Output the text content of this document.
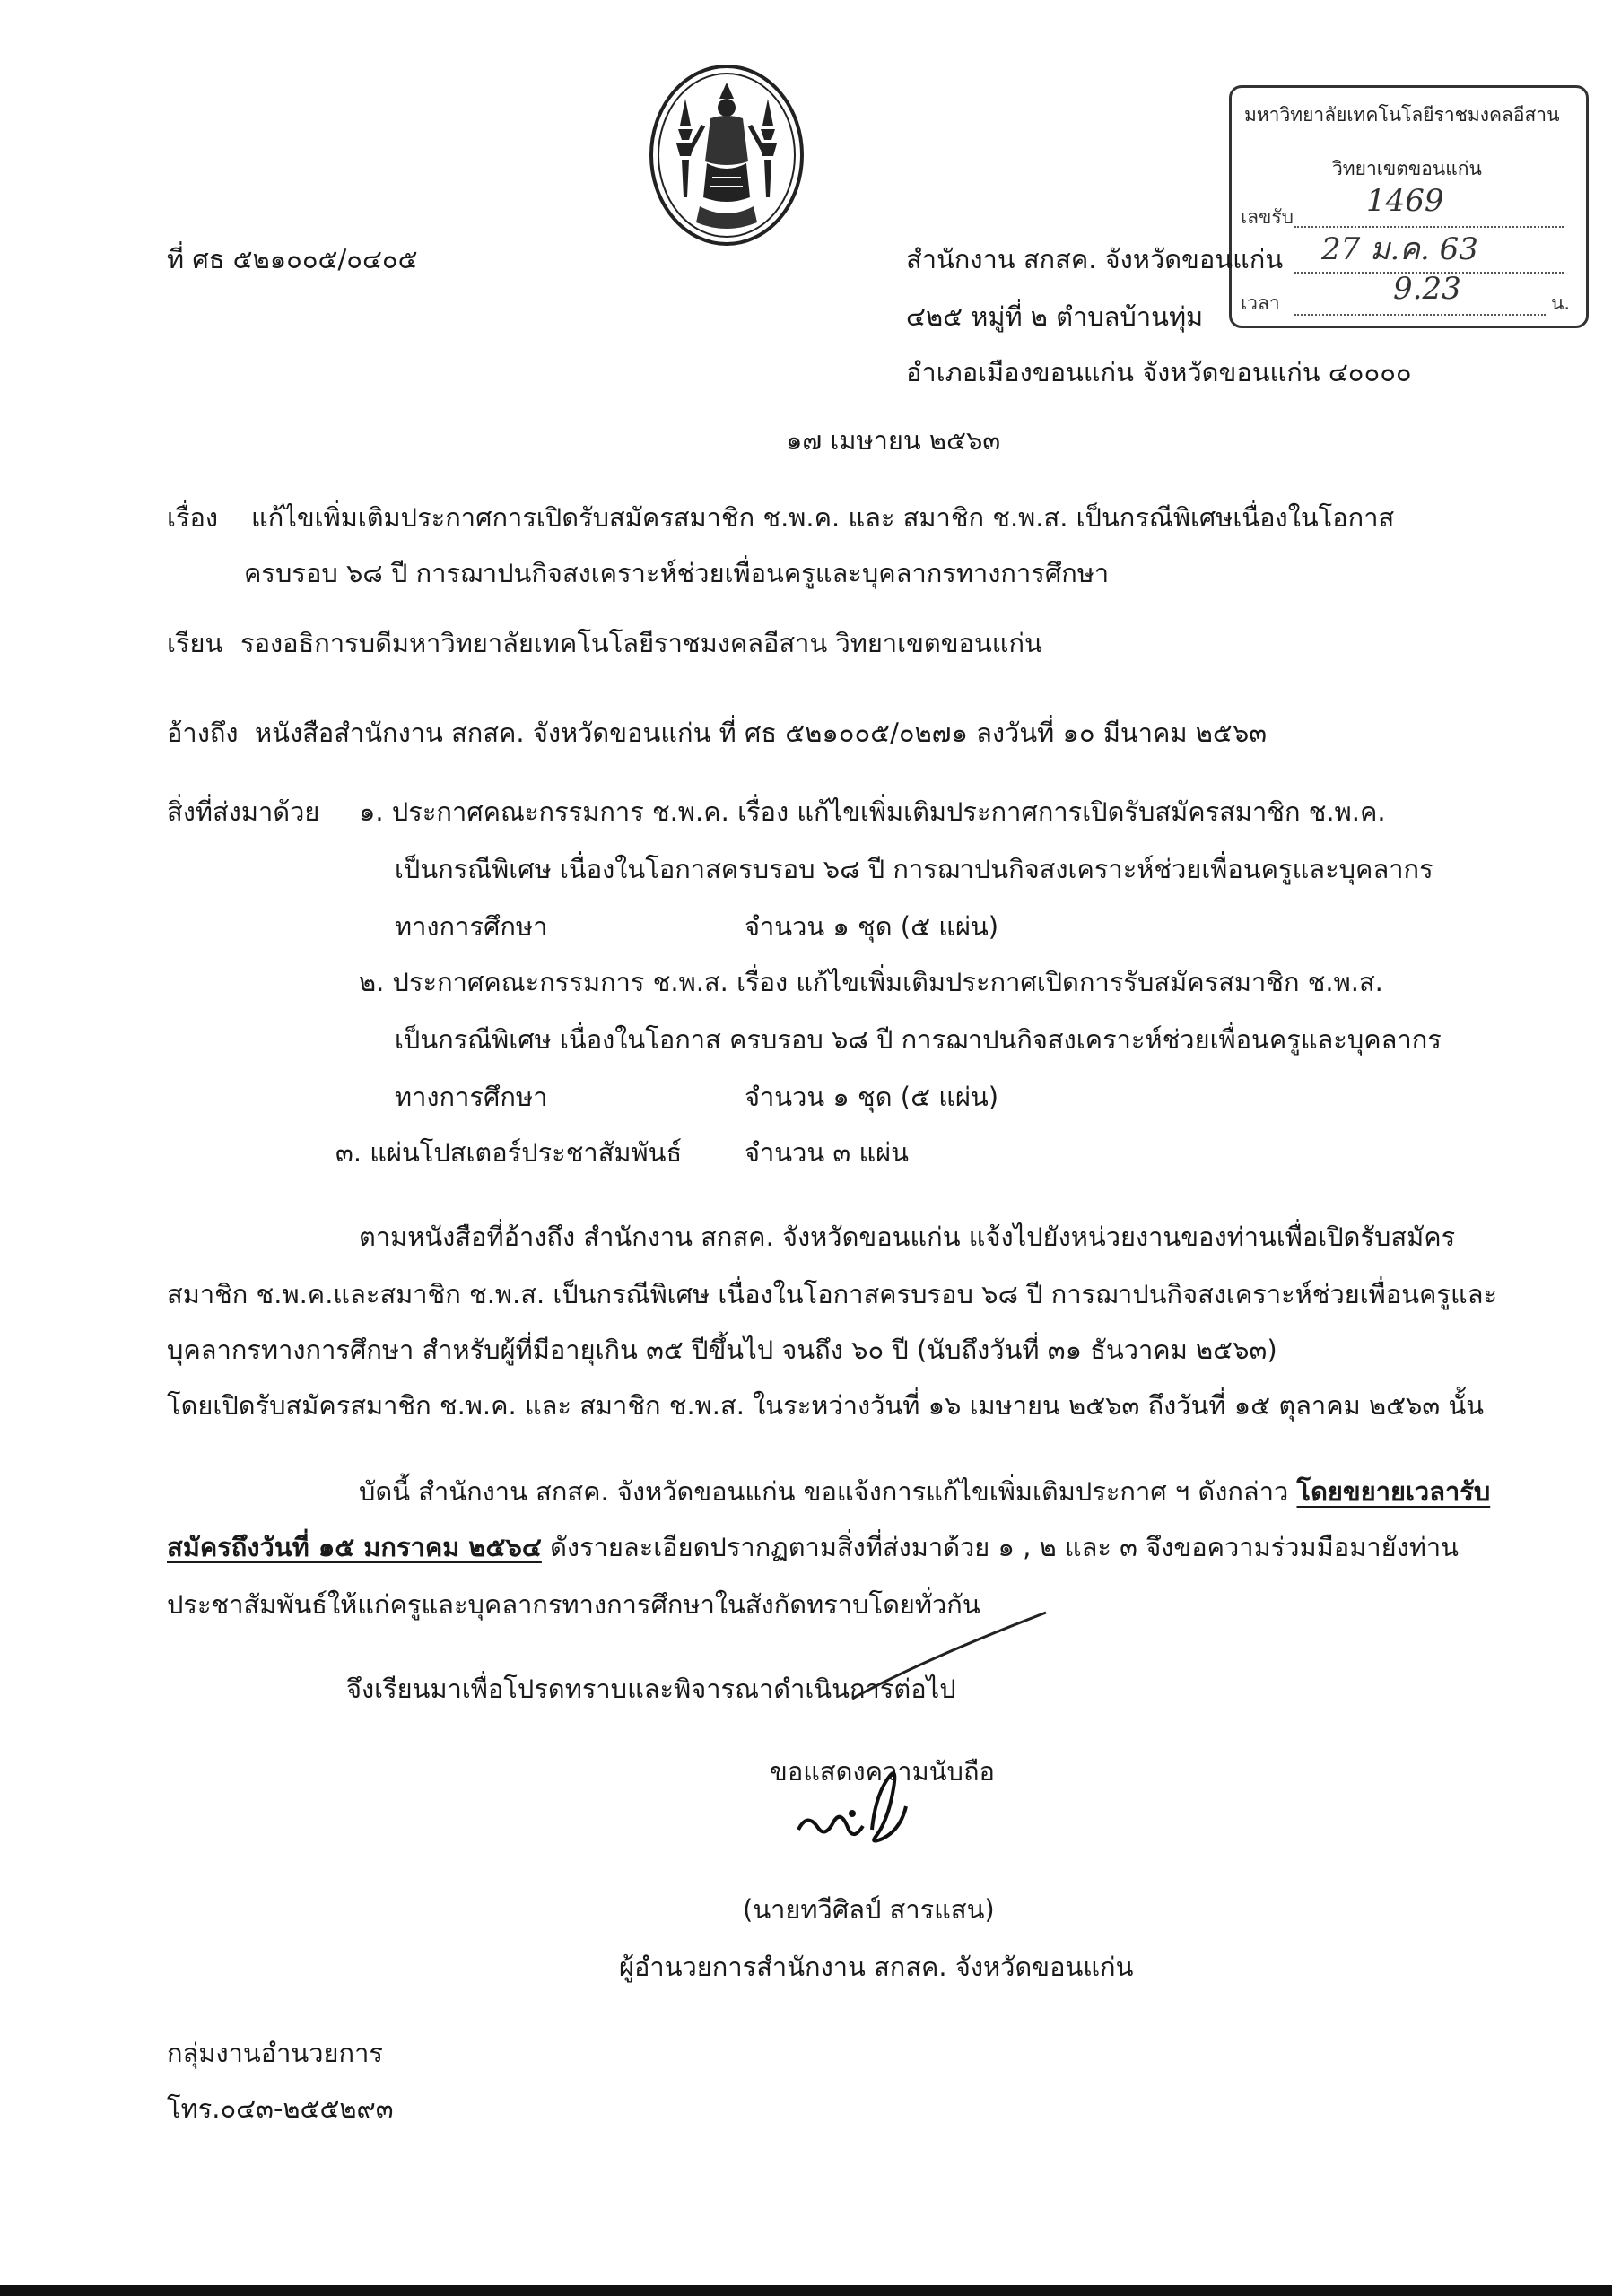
มหาวิทยาลัยเทคโนโลยีราชมงคลอีสาน
วิทยาเขตขอนแก่น
เลขรับ 1469
27 ม.ค. 63
เวลา	9.23	น.
ที่ ศธ ๕๒๑๐๐๕/๐๔๐๕	สำนักงาน สกสค. จังหวัดขอนแก่น
๔๒๕ หมู่ที่ ๒ ตำบลบ้านทุ่ม
อำเภอเมืองขอนแก่น จังหวัดขอนแก่น ๔๐๐๐๐
๑๗ เมษายน ๒๕๖๓
เรื่อง แก้ไขเพิ่มเติมประกาศการเปิดรับสมัครสมาชิก ช.พ.ค. และ สมาชิก ช.พ.ส. เป็นกรณีพิเศษเนื่องในโอกาส
ครบรอบ ๖๘ ปี การฌาปนกิจสงเคราะห์ช่วยเพื่อนครูและบุคลากรทางการศึกษา
เรียน รองอธิการบดีมหาวิทยาลัยเทคโนโลยีราชมงคลอีสาน วิทยาเขตขอนแก่น
อ้างถึง หนังสือสำนักงาน สกสค. จังหวัดขอนแก่น ที่ ศธ ๕๒๑๐๐๕/๐๒๗๑ ลงวันที่ ๑๐ มีนาคม ๒๕๖๓
สิ่งที่ส่งมาด้วย ๑. ประกาศคณะกรรมการ ช.พ.ค. เรื่อง แก้ไขเพิ่มเติมประกาศการเปิดรับสมัครสมาชิก ช.พ.ค.
เป็นกรณีพิเศษ เนื่องในโอกาสครบรอบ ๖๘ ปี การฌาปนกิจสงเคราะห์ช่วยเพื่อนครูและบุคลากร
ทางการศึกษา	จำนวน ๑ ชุด (๕ แผ่น)
๒. ประกาศคณะกรรมการ ช.พ.ส. เรื่อง แก้ไขเพิ่มเติมประกาศเปิดการรับสมัครสมาชิก ช.พ.ส.
เป็นกรณีพิเศษ เนื่องในโอกาส ครบรอบ ๖๘ ปี การฌาปนกิจสงเคราะห์ช่วยเพื่อนครูและบุคลากร
ทางการศึกษา	จำนวน ๑ ชุด (๕ แผ่น)
๓. แผ่นโปสเตอร์ประชาสัมพันธ์ จำนวน ๓ แผ่น
ตามหนังสือที่อ้างถึง สำนักงาน สกสค. จังหวัดขอนแก่น แจ้งไปยังหน่วยงานของท่านเพื่อเปิดรับสมัคร
สมาชิก ช.พ.ค.และสมาชิก ช.พ.ส. เป็นกรณีพิเศษ เนื่องในโอกาสครบรอบ ๖๘ ปี การฌาปนกิจสงเคราะห์ช่วยเพื่อนครูและ
บุคลากรทางการศึกษา สำหรับผู้ที่มีอายุเกิน ๓๕ ปีขึ้นไป จนถึง ๖๐ ปี (นับถึงวันที่ ๓๑ ธันวาคม ๒๕๖๓)
โดยเปิดรับสมัครสมาชิก ช.พ.ค. และ สมาชิก ช.พ.ส. ในระหว่างวันที่ ๑๖ เมษายน ๒๕๖๓ ถึงวันที่ ๑๕ ตุลาคม ๒๕๖๓ นั้น
บัดนี้ สำนักงาน สกสค. จังหวัดขอนแก่น ขอแจ้งการแก้ไขเพิ่มเติมประกาศ ฯ ดังกล่าว โดยขยายเวลารับ
สมัครถึงวันที่ ๑๕ มกราคม ๒๕๖๔ ดังรายละเอียดปรากฏตามสิ่งที่ส่งมาด้วย ๑ , ๒ และ ๓ จึงขอความร่วมมือมายังท่าน
ประชาสัมพันธ์ให้แก่ครูและบุคลากรทางการศึกษาในสังกัดทราบโดยทั่วกัน
จึงเรียนมาเพื่อโปรดทราบและพิจารณาดำเนินการต่อไป
ขอแสดงความนับถือ
(นายทวีศิลป์ สารแสน)
ผู้อำนวยการสำนักงาน สกสค. จังหวัดขอนแก่น
กลุ่มงานอำนวยการ
โทร.๐๔๓-๒๕๕๒๙๓
